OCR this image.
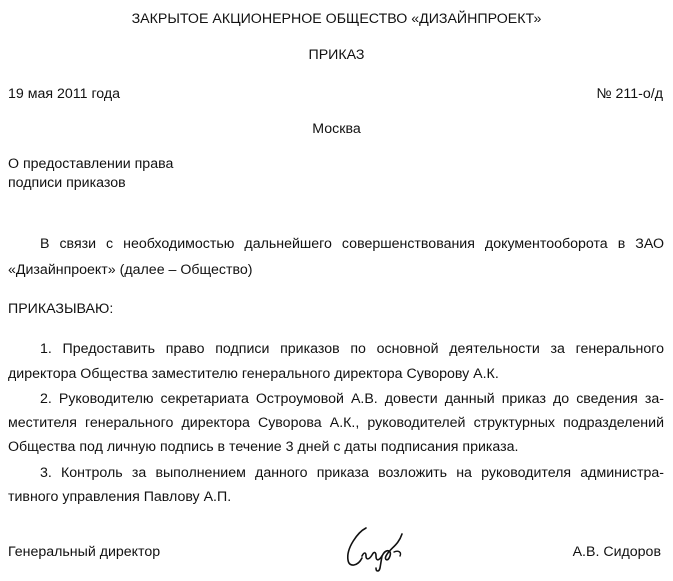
ЗАКРЫТОЕ АКЦИОНЕРНОЕ ОБЩЕСТВО «ДИЗАЙНПРОЕКТ»
ПРИКАЗ
19 мая 2011 года	№ 211-о/д
Москва
О предоставлении права
подписи приказов
В связи с необходимостью дальнейшего совершенствования документооборота в ЗАО
«Дизайнпроект» (далее – Общество)
ПРИКАЗЫВАЮ:
1. Предоставить право подписи приказов по основной деятельности за генерального
директора Общества заместителю генерального директора Суворову А.К.
2. Руководителю секретариата Остроумовой А.В. довести данный приказ до сведения за-
местителя генерального директора Суворова А.К., руководителей структурных подразделений
Общества под личную подпись в течение 3 дней с даты подписания приказа.
3. Контроль за выполнением данного приказа возложить на руководителя администра-
тивного управления Павлову А.П.
Генеральный директор	А.В. Сидоров
